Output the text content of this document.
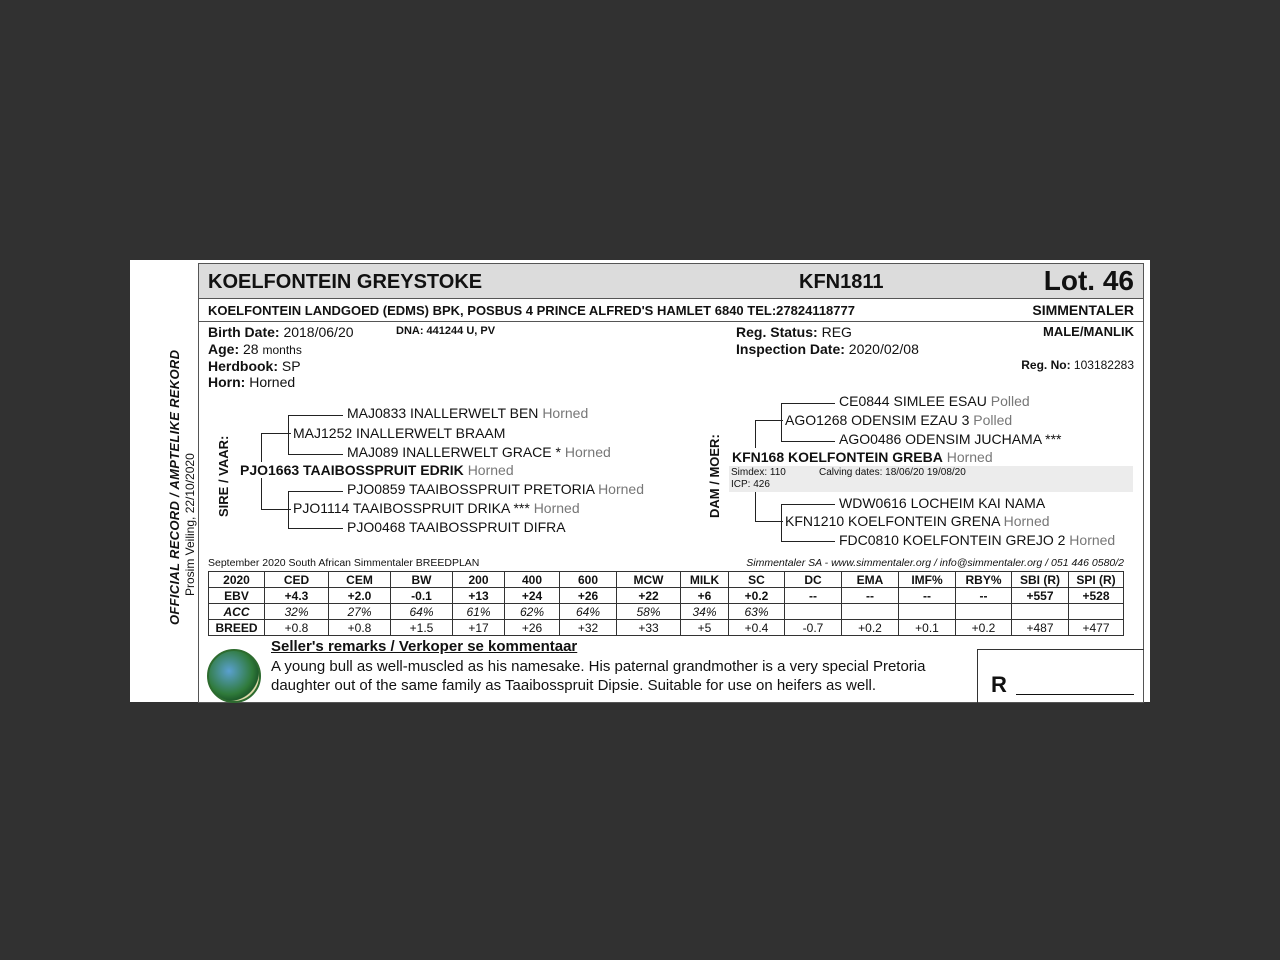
OFFICIAL RECORD / AMPTELIKE REKORD Prosim Veiling, 22/10/2020
KOELFONTEIN GREYSTOKE	KFN1811	Lot. 46
KOELFONTEIN LANDGOED (EDMS) BPK, POSBUS 4 PRINCE ALFRED'S HAMLET 6840 TEL:27824118777	SIMMENTALER
Birth Date: 2018/06/20	DNA: 441244 U, PV
Age: 28 months
Herdbook: SP
Horn: Horned
Reg. Status: REG
Inspection Date: 2020/02/08
MALE/MANLIK
Reg. No: 103182283
SIRE / VAAR:
MAJ0833 INALLERWELT BEN Horned
MAJ1252 INALLERWELT BRAAM
MAJ089 INALLERWELT GRACE * Horned
PJO1663 TAAIBOSSPRUIT EDRIK Horned
PJO0859 TAAIBOSSPRUIT PRETORIA Horned
PJO1114 TAAIBOSSPRUIT DRIKA *** Horned
PJO0468 TAAIBOSSPRUIT DIFRA
DAM / MOER:
CE0844 SIMLEE ESAU Polled
AGO1268 ODENSIM EZAU 3 Polled
AGO0486 ODENSIM JUCHAMA ***
KFN168 KOELFONTEIN GREBA Horned
Simdex: 110	Calving dates: 18/06/20 19/08/20
ICP: 426
WDW0616 LOCHEIM KAI NAMA
KFN1210 KOELFONTEIN GRENA Horned
FDC0810 KOELFONTEIN GREJO 2 Horned
September 2020 South African Simmentaler BREEDPLAN	Simmentaler SA - www.simmentaler.org / info@simmentaler.org / 051 446 0580/2
2020	CED	CEM	BW	200	400	600	MCW	MILK	SC	DC	EMA	IMF%	RBY%	SBI (R)	SPI (R)
EBV	+4.3	+2.0	-0.1	+13	+24	+26	+22	+6	+0.2	--	--	--	--	+557	+528
ACC	32%	27%	64%	61%	62%	64%	58%	34%	63%						
BREED	+0.8	+0.8	+1.5	+17	+26	+32	+33	+5	+0.4	-0.7	+0.2	+0.1	+0.2	+487	+477
Seller's remarks / Verkoper se kommentaar
A young bull as well-muscled as his namesake. His paternal grandmother is a very special Pretoria
daughter out of the same family as Taaibosspruit Dipsie. Suitable for use on heifers as well.	R
